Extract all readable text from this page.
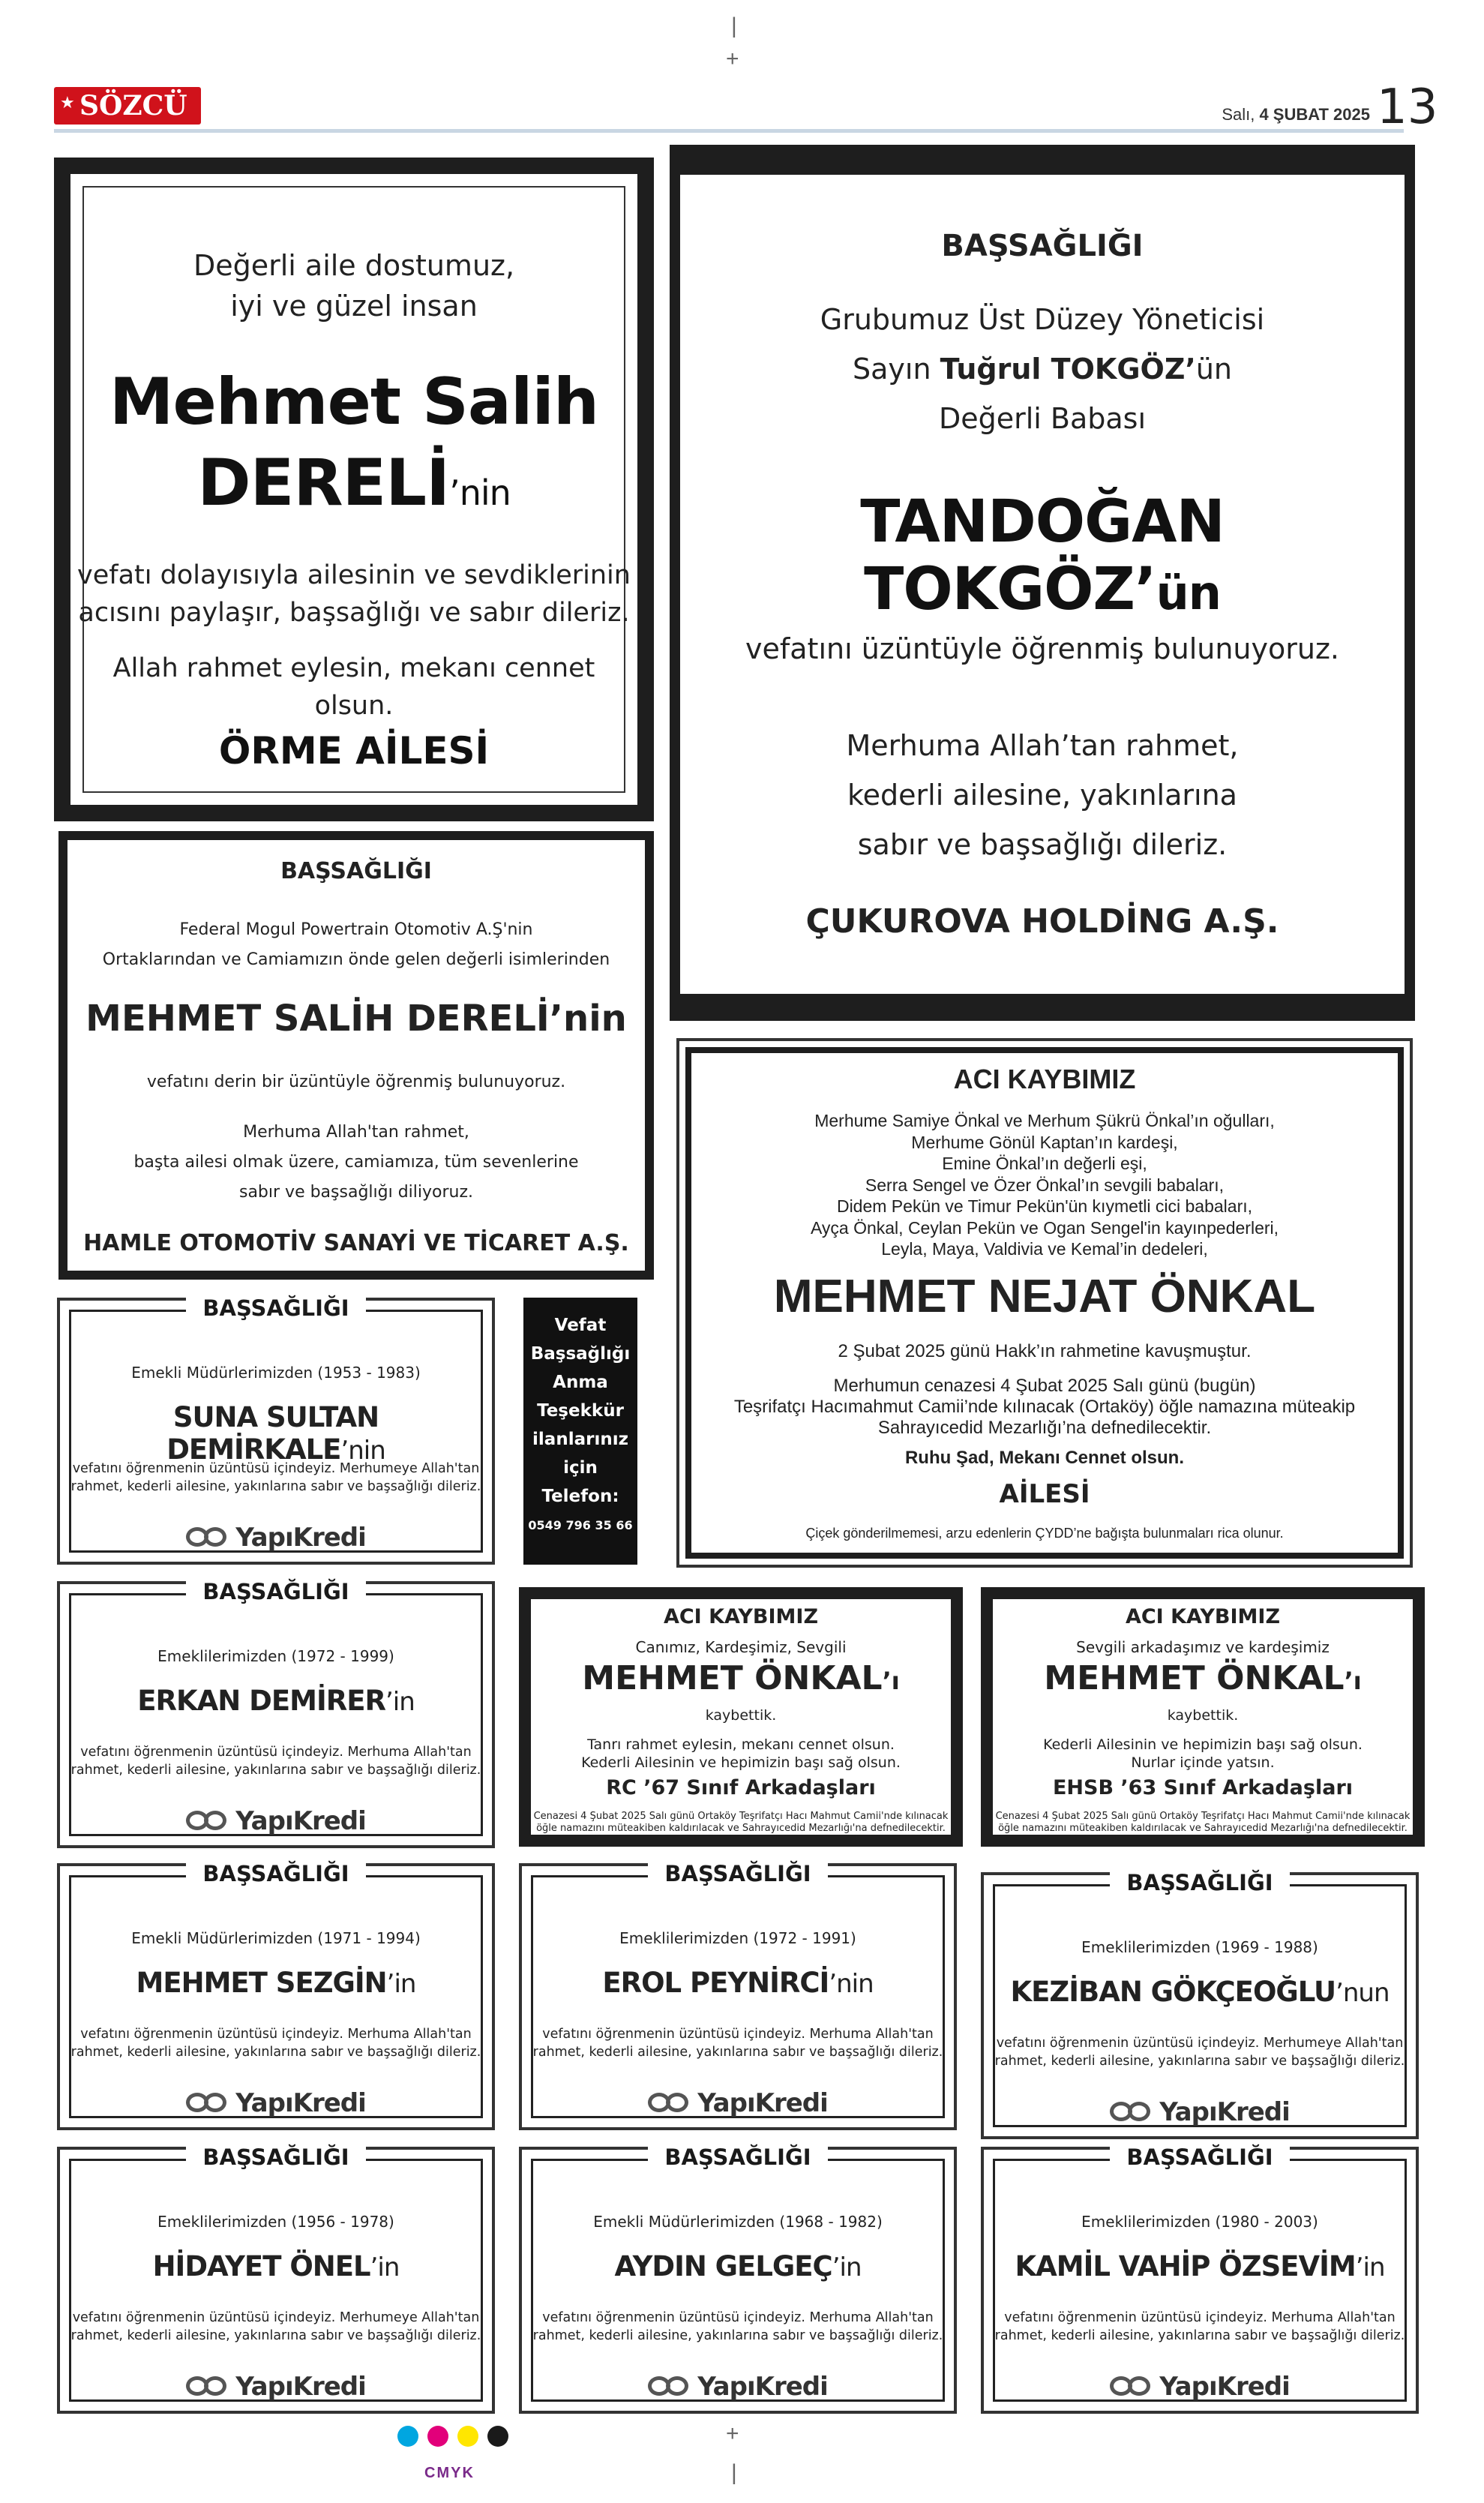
|
+
+
|
★ SÖZCÜ	Salı, 4 ŞUBAT 2025 13
Değerli aile dostumuz,
iyi ve güzel insan
Mehmet Salih
DERELİ’nin
vefatı dolayısıyla ailesinin ve sevdiklerinin
acısını paylaşır, başsağlığı ve sabır dileriz.
Allah rahmet eylesin, mekanı cennet olsun.
ÖRME AİLESİ
BAŞSAĞLIĞI
Grubumuz Üst Düzey Yöneticisi
Sayın Tuğrul TOKGÖZ’ün
Değerli Babası
TANDOĞAN TOKGÖZ’ün
vefatını üzüntüyle öğrenmiş bulunuyoruz.
Merhuma Allah’tan rahmet,
kederli ailesine, yakınlarına
sabır ve başsağlığı dileriz.
ÇUKUROVA HOLDİNG A.Ş.
BAŞSAĞLIĞI
Federal Mogul Powertrain Otomotiv A.Ş'nin
Ortaklarından ve Camiamızın önde gelen değerli isimlerinden
MEHMET SALİH DERELİ’nin
vefatını derin bir üzüntüyle öğrenmiş bulunuyoruz.
Merhuma Allah'tan rahmet,
başta ailesi olmak üzere, camiamıza, tüm sevenlerine
sabır ve başsağlığı diliyoruz.
HAMLE OTOMOTİV SANAYİ VE TİCARET A.Ş.
ACI KAYBIMIZ
Merhume Samiye Önkal ve Merhum Şükrü Önkal’ın oğulları,
Merhume Gönül Kaptan’ın kardeşi,
Emine Önkal’ın değerli eşi,
Serra Sengel ve Özer Önkal’ın sevgili babaları,
Didem Pekün ve Timur Pekün'ün kıymetli cici babaları,
Ayça Önkal, Ceylan Pekün ve Ogan Sengel'in kayınpederleri,
Leyla, Maya, Valdivia ve Kemal’in dedeleri,
MEHMET NEJAT ÖNKAL
2 Şubat 2025 günü Hakk’ın rahmetine kavuşmuştur.
Merhumun cenazesi 4 Şubat 2025 Salı günü (bugün)
Teşrifatçı Hacımahmut Camii’nde kılınacak (Ortaköy) öğle namazına müteakip
Sahrayıcedid Mezarlığı’na defnedilecektir.
Ruhu Şad, Mekanı Cennet olsun.
AİLESİ
Çiçek gönderilmemesi, arzu edenlerin ÇYDD’ne bağışta bulunmaları rica olunur.
Vefat
Başsağlığı
Anma
Teşekkür
ilanlarınız
için
Telefon:
0549 796 35 66
BAŞSAĞLIĞI
Emekli Müdürlerimizden (1953 - 1983)
SUNA SULTAN DEMİRKALE’nin
vefatını öğrenmenin üzüntüsü içindeyiz. Merhumeye Allah'tan
rahmet, kederli ailesine, yakınlarına sabır ve başsağlığı dileriz.
YapıKredi
BAŞSAĞLIĞI
Emeklilerimizden (1972 - 1999)
ERKAN DEMİRER’in
vefatını öğrenmenin üzüntüsü içindeyiz. Merhuma Allah'tan
rahmet, kederli ailesine, yakınlarına sabır ve başsağlığı dileriz.
YapıKredi
BAŞSAĞLIĞI
Emekli Müdürlerimizden (1971 - 1994)
MEHMET SEZGİN’in
vefatını öğrenmenin üzüntüsü içindeyiz. Merhuma Allah'tan
rahmet, kederli ailesine, yakınlarına sabır ve başsağlığı dileriz.
YapıKredi
BAŞSAĞLIĞI
Emeklilerimizden (1972 - 1991)
EROL PEYNİRCİ’nin
vefatını öğrenmenin üzüntüsü içindeyiz. Merhuma Allah'tan
rahmet, kederli ailesine, yakınlarına sabır ve başsağlığı dileriz.
YapıKredi
BAŞSAĞLIĞI
Emeklilerimizden (1969 - 1988)
KEZİBAN GÖKÇEOĞLU’nun
vefatını öğrenmenin üzüntüsü içindeyiz. Merhumeye Allah'tan
rahmet, kederli ailesine, yakınlarına sabır ve başsağlığı dileriz.
YapıKredi
BAŞSAĞLIĞI
Emeklilerimizden (1956 - 1978)
HİDAYET ÖNEL’in
vefatını öğrenmenin üzüntüsü içindeyiz. Merhumeye Allah'tan
rahmet, kederli ailesine, yakınlarına sabır ve başsağlığı dileriz.
YapıKredi
BAŞSAĞLIĞI
Emekli Müdürlerimizden (1968 - 1982)
AYDIN GELGEÇ’in
vefatını öğrenmenin üzüntüsü içindeyiz. Merhuma Allah'tan
rahmet, kederli ailesine, yakınlarına sabır ve başsağlığı dileriz.
YapıKredi
BAŞSAĞLIĞI
Emeklilerimizden (1980 - 2003)
KAMİL VAHİP ÖZSEVİM’in
vefatını öğrenmenin üzüntüsü içindeyiz. Merhuma Allah'tan
rahmet, kederli ailesine, yakınlarına sabır ve başsağlığı dileriz.
YapıKredi
ACI KAYBIMIZ
Canımız, Kardeşimiz, Sevgili
MEHMET ÖNKAL’ı
kaybettik.
Tanrı rahmet eylesin, mekanı cennet olsun.
Kederli Ailesinin ve hepimizin başı sağ olsun.
RC ’67 Sınıf Arkadaşları
Cenazesi 4 Şubat 2025 Salı günü Ortaköy Teşrifatçı Hacı Mahmut Camii'nde kılınacak
öğle namazını müteakiben kaldırılacak ve Sahrayıcedid Mezarlığı'na defnedilecektir.
ACI KAYBIMIZ
Sevgili arkadaşımız ve kardeşimiz
MEHMET ÖNKAL’ı
kaybettik.
Kederli Ailesinin ve hepimizin başı sağ olsun.
Nurlar içinde yatsın.
EHSB ’63 Sınıf Arkadaşları
Cenazesi 4 Şubat 2025 Salı günü Ortaköy Teşrifatçı Hacı Mahmut Camii'nde kılınacak
öğle namazını müteakiben kaldırılacak ve Sahrayıcedid Mezarlığı'na defnedilecektir.
CMYK
